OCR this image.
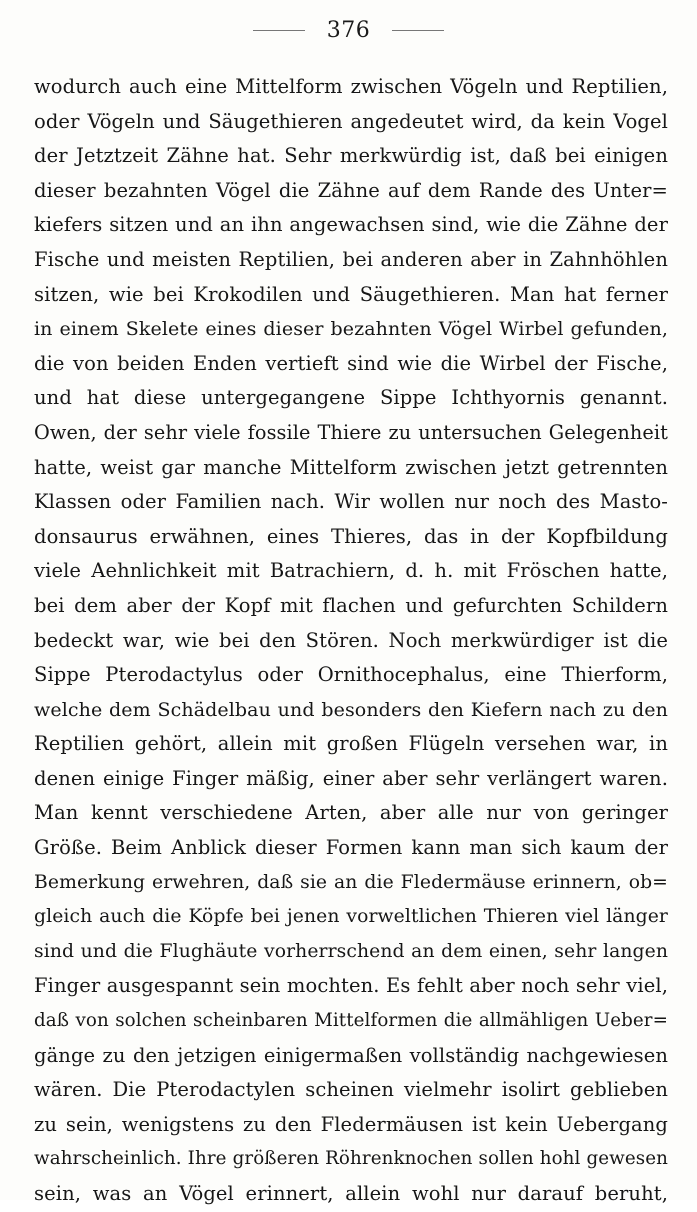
376
wodurch auch eine Mittelform zwischen Vögeln und Reptilien,
oder Vögeln und Säugethieren angedeutet wird, da kein Vogel
der Jetztzeit Zähne hat. Sehr merkwürdig ist, daß bei einigen
dieser bezahnten Vögel die Zähne auf dem Rande des Unter=
kiefers sitzen und an ihn angewachsen sind, wie die Zähne der
Fische und meisten Reptilien, bei anderen aber in Zahnhöhlen
sitzen, wie bei Krokodilen und Säugethieren. Man hat ferner
in einem Skelete eines dieser bezahnten Vögel Wirbel gefunden,
die von beiden Enden vertieft sind wie die Wirbel der Fische,
und hat diese untergegangene Sippe Ichthyornis genannt.
Owen, der sehr viele fossile Thiere zu untersuchen Gelegenheit
hatte, weist gar manche Mittelform zwischen jetzt getrennten
Klassen oder Familien nach. Wir wollen nur noch des Masto-
donsaurus erwähnen, eines Thieres, das in der Kopfbildung
viele Aehnlichkeit mit Batrachiern, d. h. mit Fröschen hatte,
bei dem aber der Kopf mit flachen und gefurchten Schildern
bedeckt war, wie bei den Stören. Noch merkwürdiger ist die
Sippe Pterodactylus oder Ornithocephalus, eine Thierform,
welche dem Schädelbau und besonders den Kiefern nach zu den
Reptilien gehört, allein mit großen Flügeln versehen war, in
denen einige Finger mäßig, einer aber sehr verlängert waren.
Man kennt verschiedene Arten, aber alle nur von geringer
Größe. Beim Anblick dieser Formen kann man sich kaum der
Bemerkung erwehren, daß sie an die Fledermäuse erinnern, ob=
gleich auch die Köpfe bei jenen vorweltlichen Thieren viel länger
sind und die Flughäute vorherrschend an dem einen, sehr langen
Finger ausgespannt sein mochten. Es fehlt aber noch sehr viel,
daß von solchen scheinbaren Mittelformen die allmähligen Ueber=
gänge zu den jetzigen einigermaßen vollständig nachgewiesen
wären. Die Pterodactylen scheinen vielmehr isolirt geblieben
zu sein, wenigstens zu den Fledermäusen ist kein Uebergang
wahrscheinlich. Ihre größeren Röhrenknochen sollen hohl gewesen
sein, was an Vögel erinnert, allein wohl nur darauf beruht,
